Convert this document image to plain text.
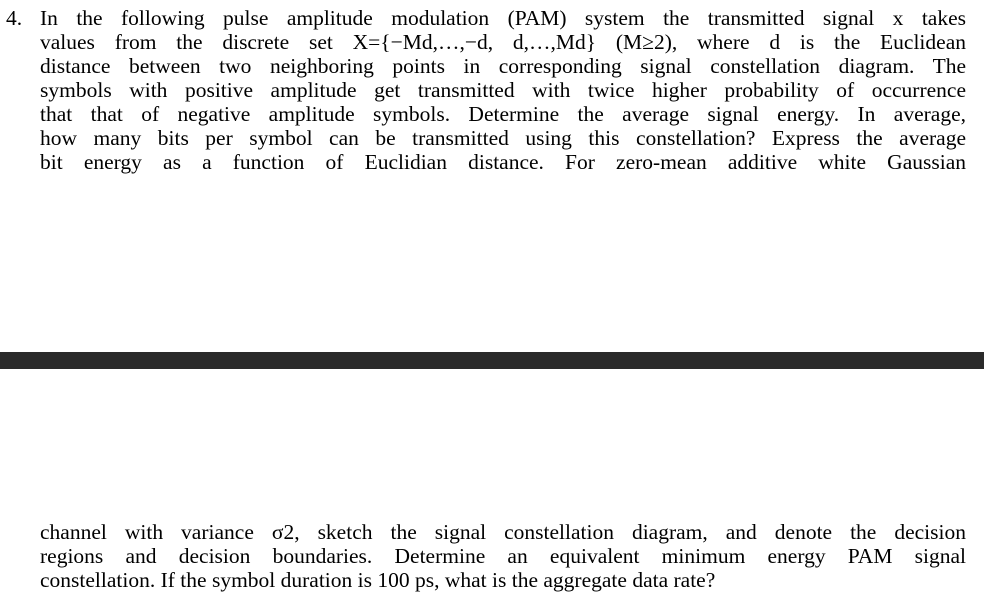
4. In the following pulse amplitude modulation (PAM) system the transmitted signal x takes
values from the discrete set X={−Md,…,−d, d,…,Md} (M≥2), where d is the Euclidean
distance between two neighboring points in corresponding signal constellation diagram. The
symbols with positive amplitude get transmitted with twice higher probability of occurrence
that that of negative amplitude symbols. Determine the average signal energy. In average,
how many bits per symbol can be transmitted using this constellation? Express the average
bit energy as a function of Euclidian distance. For zero-mean additive white Gaussian
channel with variance σ2, sketch the signal constellation diagram, and denote the decision
regions and decision boundaries. Determine an equivalent minimum energy PAM signal
constellation. If the symbol duration is 100 ps, what is the aggregate data rate?
